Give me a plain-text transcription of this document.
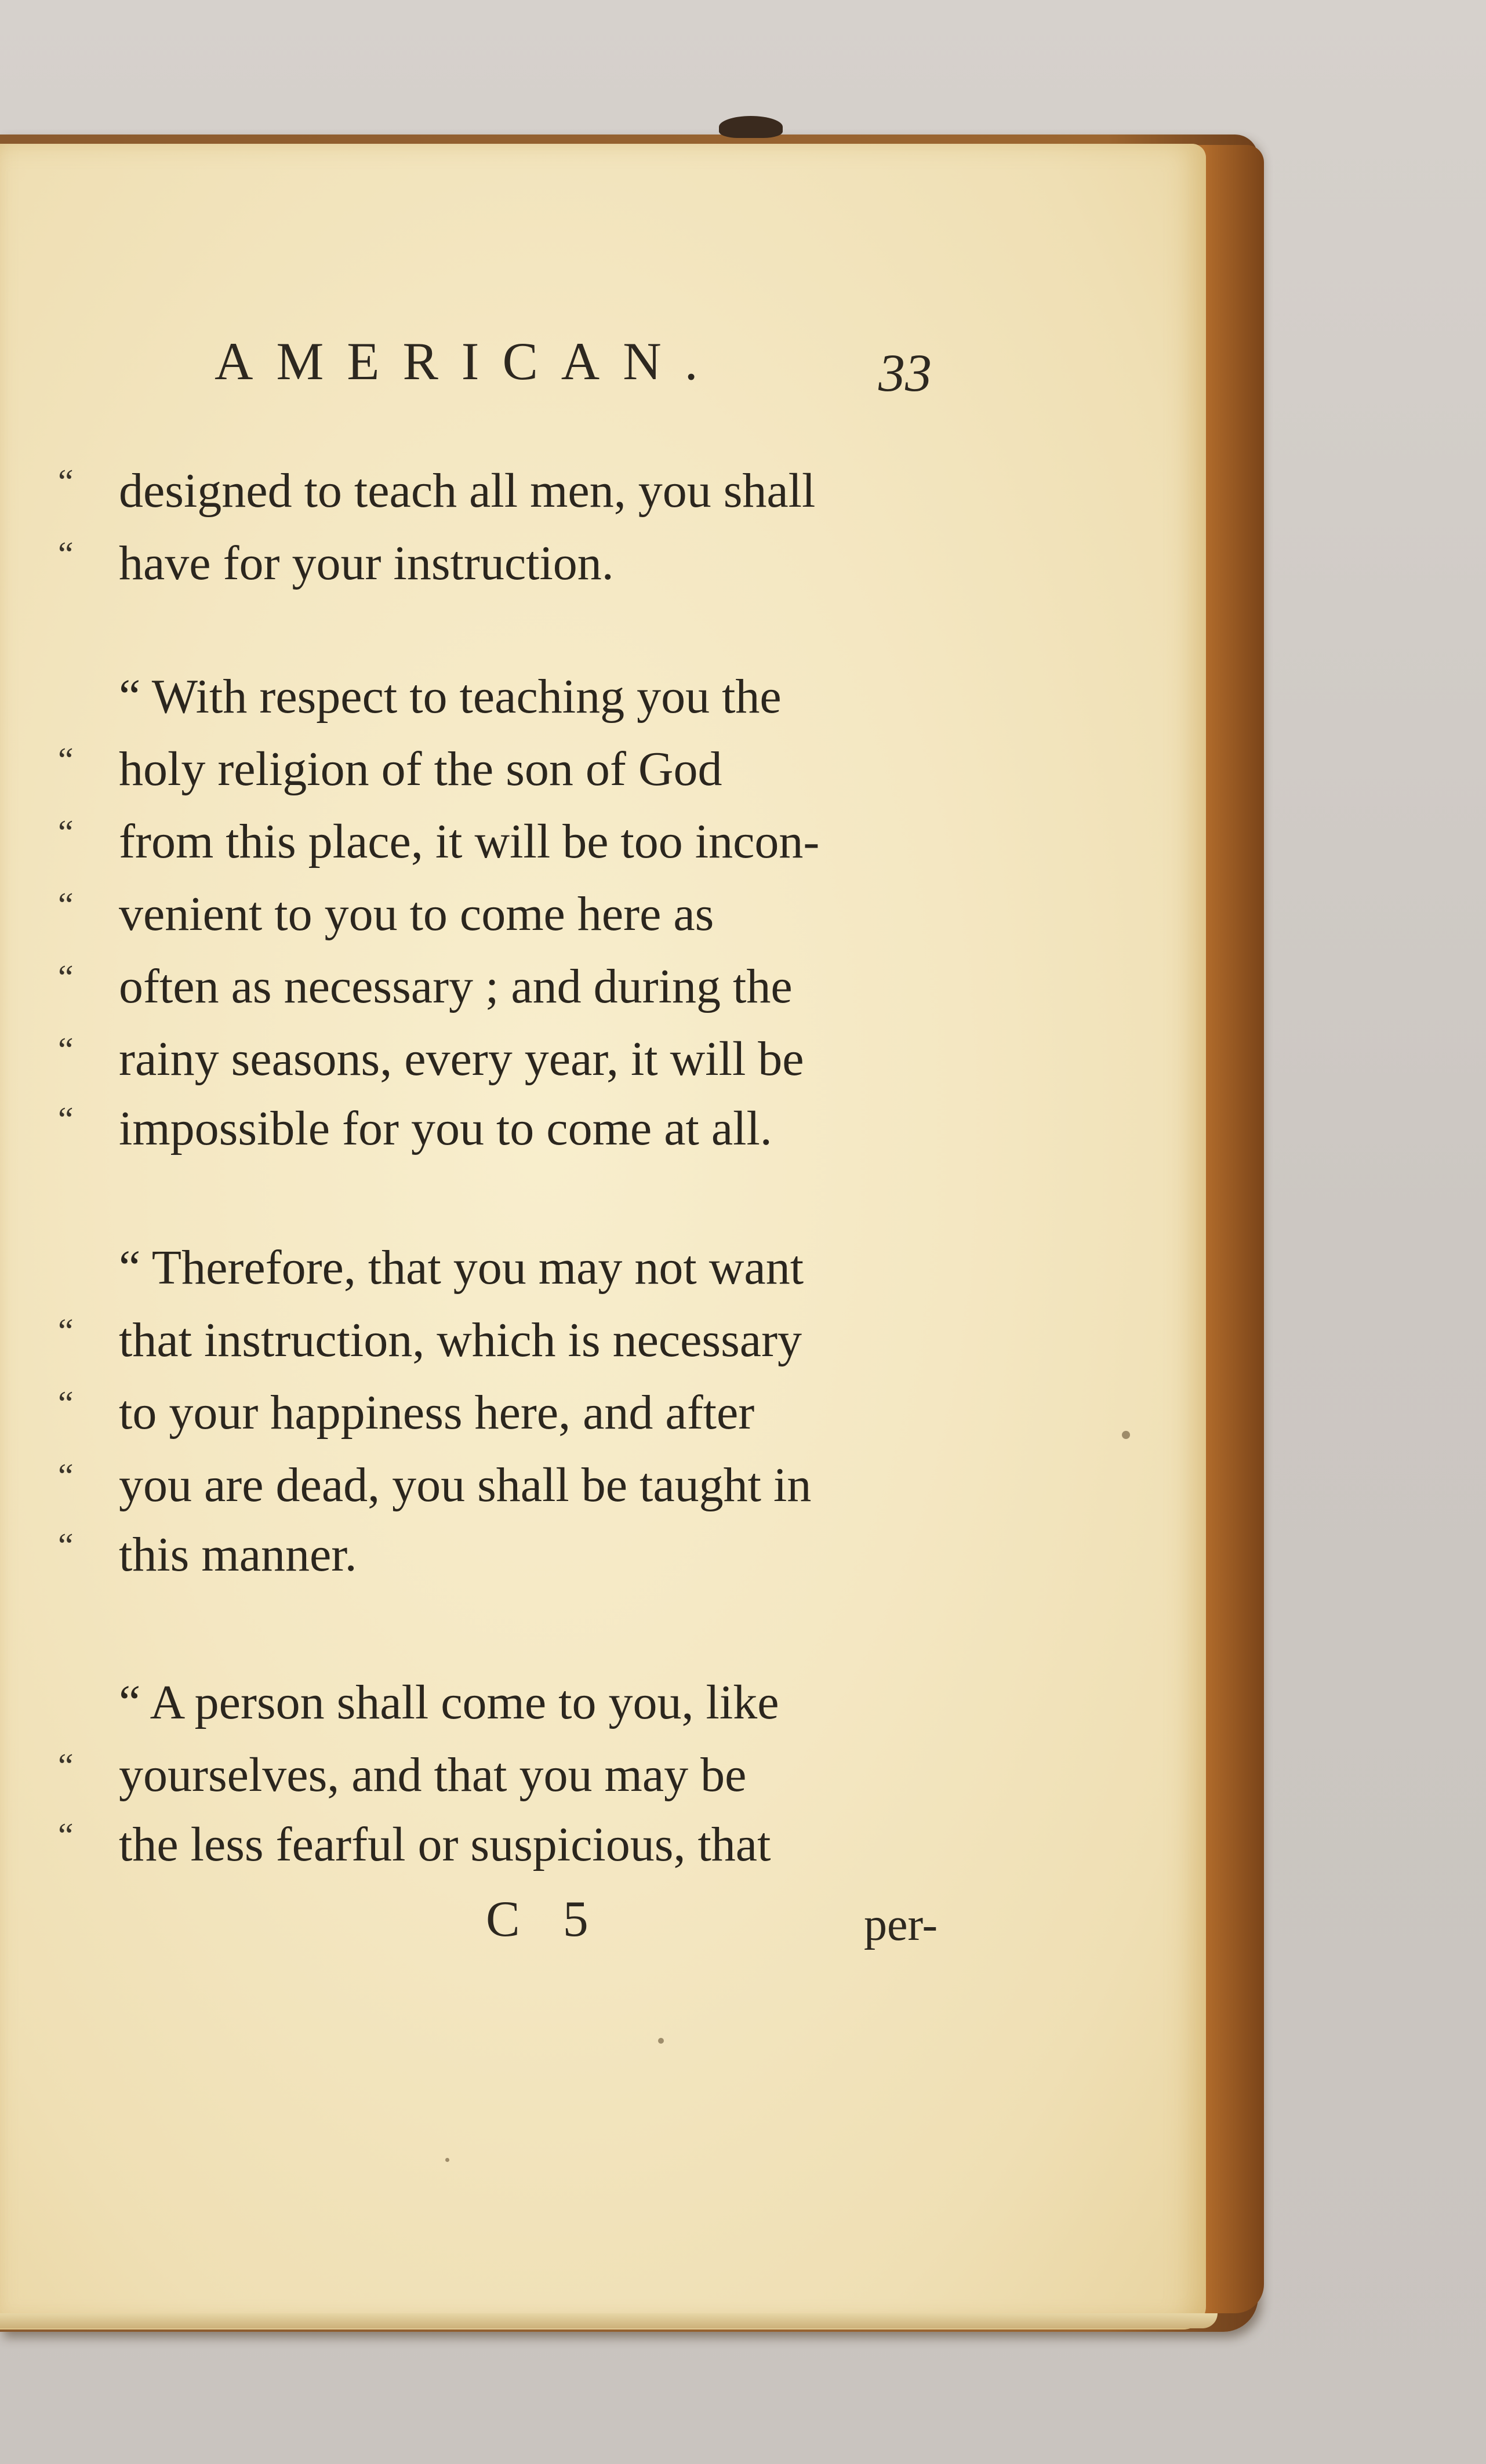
AMERICAN.	33
“ designed to teach all men, you shall
“ have for your instruction.
“ With respect to teaching you the
“ holy religion of the son of God
“ from this place, it will be too incon-
“ venient to you to come here as
“ often as necessary ; and during the
“ rainy seasons, every year, it will be
“ impossible for you to come at all.
“ Therefore, that you may not want
“ that instruction, which is necessary
“ to your happiness here, and after
“ you are dead, you shall be taught in
“ this manner.
“ A person shall come to you, like
“ yourselves, and that you may be
“ the less fearful or suspicious, that
C 5	per-
